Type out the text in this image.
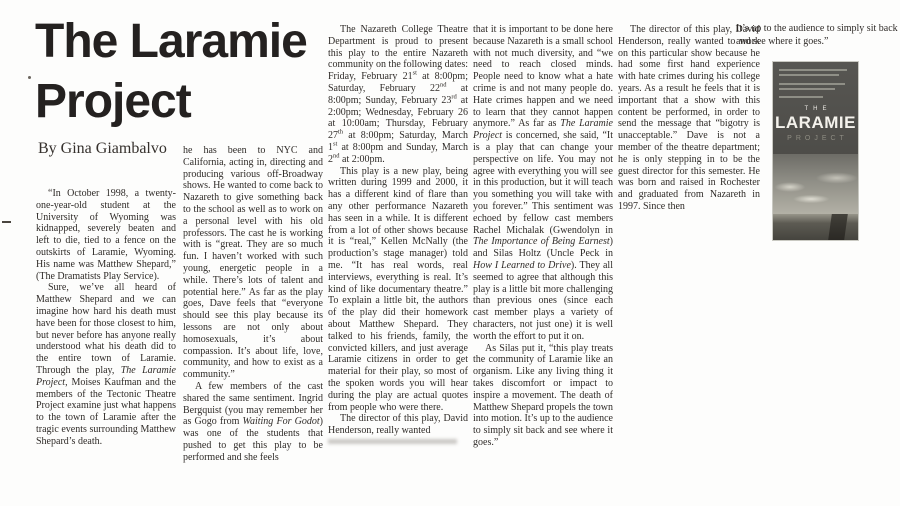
The Laramie
Project
By Gina Giambalvo

“In October 1998, a twenty-one-year-old student at the University of Wyoming was kidnapped, severely beaten and left to die, tied to a fence on the outskirts of Laramie, Wyoming. His name was Matthew Shepard,” (The Dramatists Play Service).

Sure, we’ve all heard of Matthew Shepard and we can imagine how hard his death must have been for those closest to him, but never before has anyone really understood what his death did to the entire town of Laramie. Through the play, The Laramie Project, Moises Kaufman and the members of the Tectonic Theatre Project examine just what happens to the town of Laramie after the tragic events surrounding Matthew Shepard’s death.

he has been to NYC and California, acting in, directing and producing various off-Broadway shows. He wanted to come back to Nazareth to give something back to the school as well as to work on a personal level with his old professors. The cast he is working with is “great. They are so much fun. I haven’t worked with such young, energetic people in a while. There’s lots of talent and potential here.” As far as the play goes, Dave feels that “everyone should see this play because its lessons are not only about homosexuals, it’s about compassion. It’s about life, love, community, and how to exist as a community.”

A few members of the cast shared the same sentiment. Ingrid Bergquist (you may remember her as Gogo from Waiting For Godot) was one of the students that pushed to get this play to be performed and she feels

The Nazareth College Theatre Department is proud to present this play to the entire Nazareth community on the following dates: Friday, February 21st at 8:00pm; Saturday, February 22nd at 8:00pm; Sunday, February 23rd at 2:00pm; Wednesday, February 26 at 10:00am; Thursday, February 27th at 8:00pm; Saturday, March 1st at 8:00pm and Sunday, March 2nd at 2:00pm.

This play is a new play, being written during 1999 and 2000, it has a different kind of flare than any other performance Nazareth has seen in a while. It is different from a lot of other shows because it is “real,” Kellen McNally (the production’s stage manager) told me. “It has real words, real interviews, everything is real. It’s kind of like documentary theatre.” To explain a little bit, the authors of the play did their homework about Matthew Shepard. They talked to his friends, family, the convicted killers, and just average Laramie citizens in order to get material for their play, so most of the spoken words you will hear during the play are actual quotes from people who were there.

The director of this play, David Henderson, really wanted

that it is important to be done here because Nazareth is a small school with not much diversity, and “we need to reach closed minds. People need to know what a hate crime is and not many people do. Hate crimes happen and we need to learn that they cannot happen anymore.” As far as The Laramie Project is concerned, she said, “It is a play that can change your perspective on life. You may not agree with everything you will see in this production, but it will teach you something you will take with you forever.” This sentiment was echoed by fellow cast members Rachel Michalak (Gwendolyn in The Importance of Being Earnest) and Silas Holtz (Uncle Peck in How I Learned to Drive). They all seemed to agree that although this play is a little bit more challenging than previous ones (since each cast member plays a variety of characters, not just one) it is well worth the effort to put it on.

As Silas put it, “this play treats the community of Laramie like an organism. Like any living thing it takes discomfort or impact to inspire a movement. The death of Matthew Shepard propels the town into motion. It’s up to the audience to simply sit back and see where it goes.”

The director of this play, David Henderson, really wanted to work on this particular show because he had some first hand experience with hate crimes during his college years. As a result he feels that it is important that a show with this content be performed, in order to send the message that “bigotry is unacceptable.” Dave is not a member of the theatre department; he is only stepping in to be the guest director for this semester. He was born and raised in Rochester and graduated from Nazareth in 1997. Since then

It’s up to the audience to simply sit back and see where it goes.”
THE
LARAMIE
PROJECT
